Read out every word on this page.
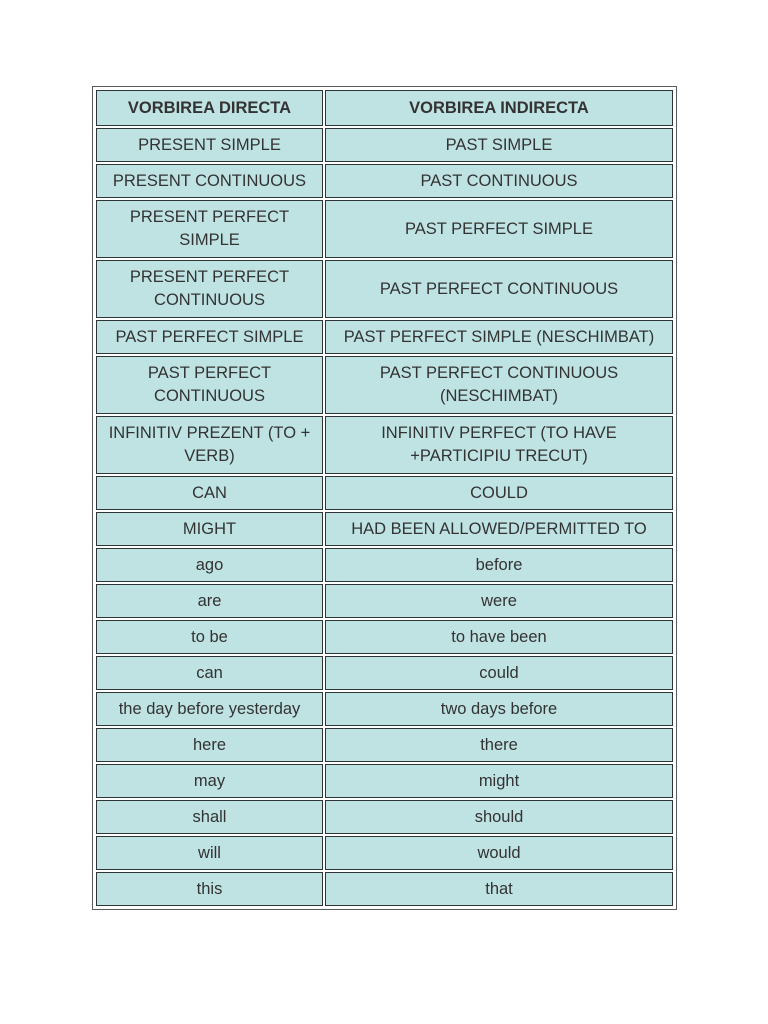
VORBIREA DIRECTA	VORBIREA INDIRECTA
PRESENT SIMPLE	PAST SIMPLE
PRESENT CONTINUOUS	PAST CONTINUOUS
PRESENT PERFECT SIMPLE	PAST PERFECT SIMPLE
PRESENT PERFECT CONTINUOUS	PAST PERFECT CONTINUOUS
PAST PERFECT SIMPLE	PAST PERFECT SIMPLE (NESCHIMBAT)
PAST PERFECT CONTINUOUS	PAST PERFECT CONTINUOUS (NESCHIMBAT)
INFINITIV PREZENT (TO + VERB)	INFINITIV PERFECT (TO HAVE +PARTICIPIU TRECUT)
CAN	COULD
MIGHT	HAD BEEN ALLOWED/PERMITTED TO
ago	before
are	were
to be	to have been
can	could
the day before yesterday	two days before
here	there
may	might
shall	should
will	would
this	that
